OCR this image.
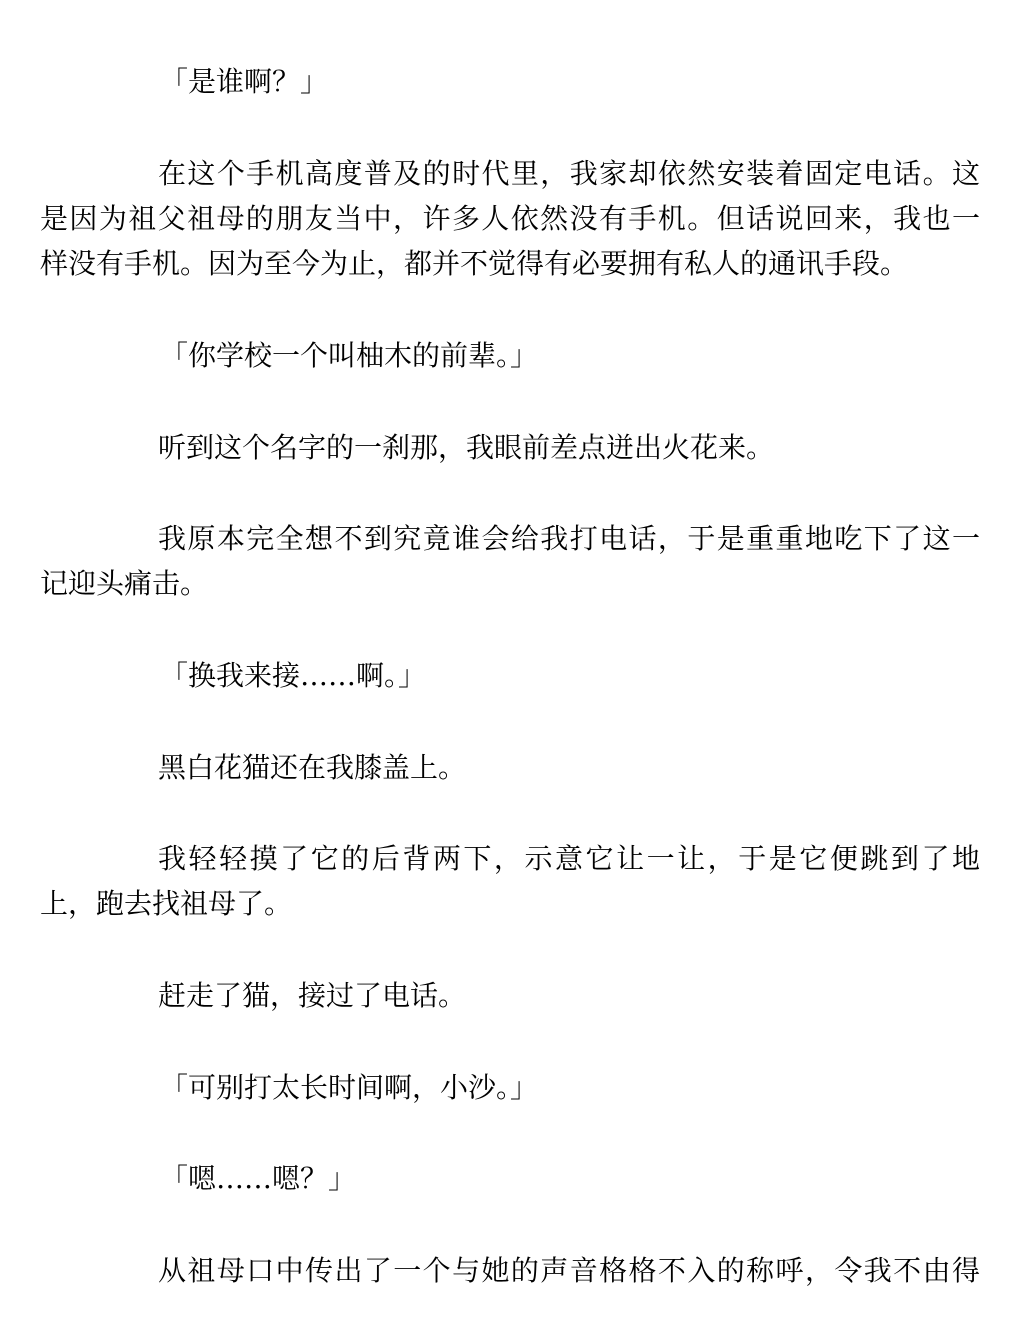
「是谁啊？」
在这个手机高度普及的时代里，我家却依然安装着固定电话。这
是因为祖父祖母的朋友当中，许多人依然没有手机。但话说回来，我也一
样没有手机。因为至今为止，都并不觉得有必要拥有私人的通讯手段。
「你学校一个叫柚木的前辈。」
听到这个名字的一刹那，我眼前差点迸出火花来。
我原本完全想不到究竟谁会给我打电话，于是重重地吃下了这一
记迎头痛击。
「换我来接……啊。」
黑白花猫还在我膝盖上。
我轻轻摸了它的后背两下，示意它让一让，于是它便跳到了地
上，跑去找祖母了。
赶走了猫，接过了电话。
「可别打太长时间啊，小沙。」
「嗯……嗯？」
从祖母口中传出了一个与她的声音格格不入的称呼，令我不由得
